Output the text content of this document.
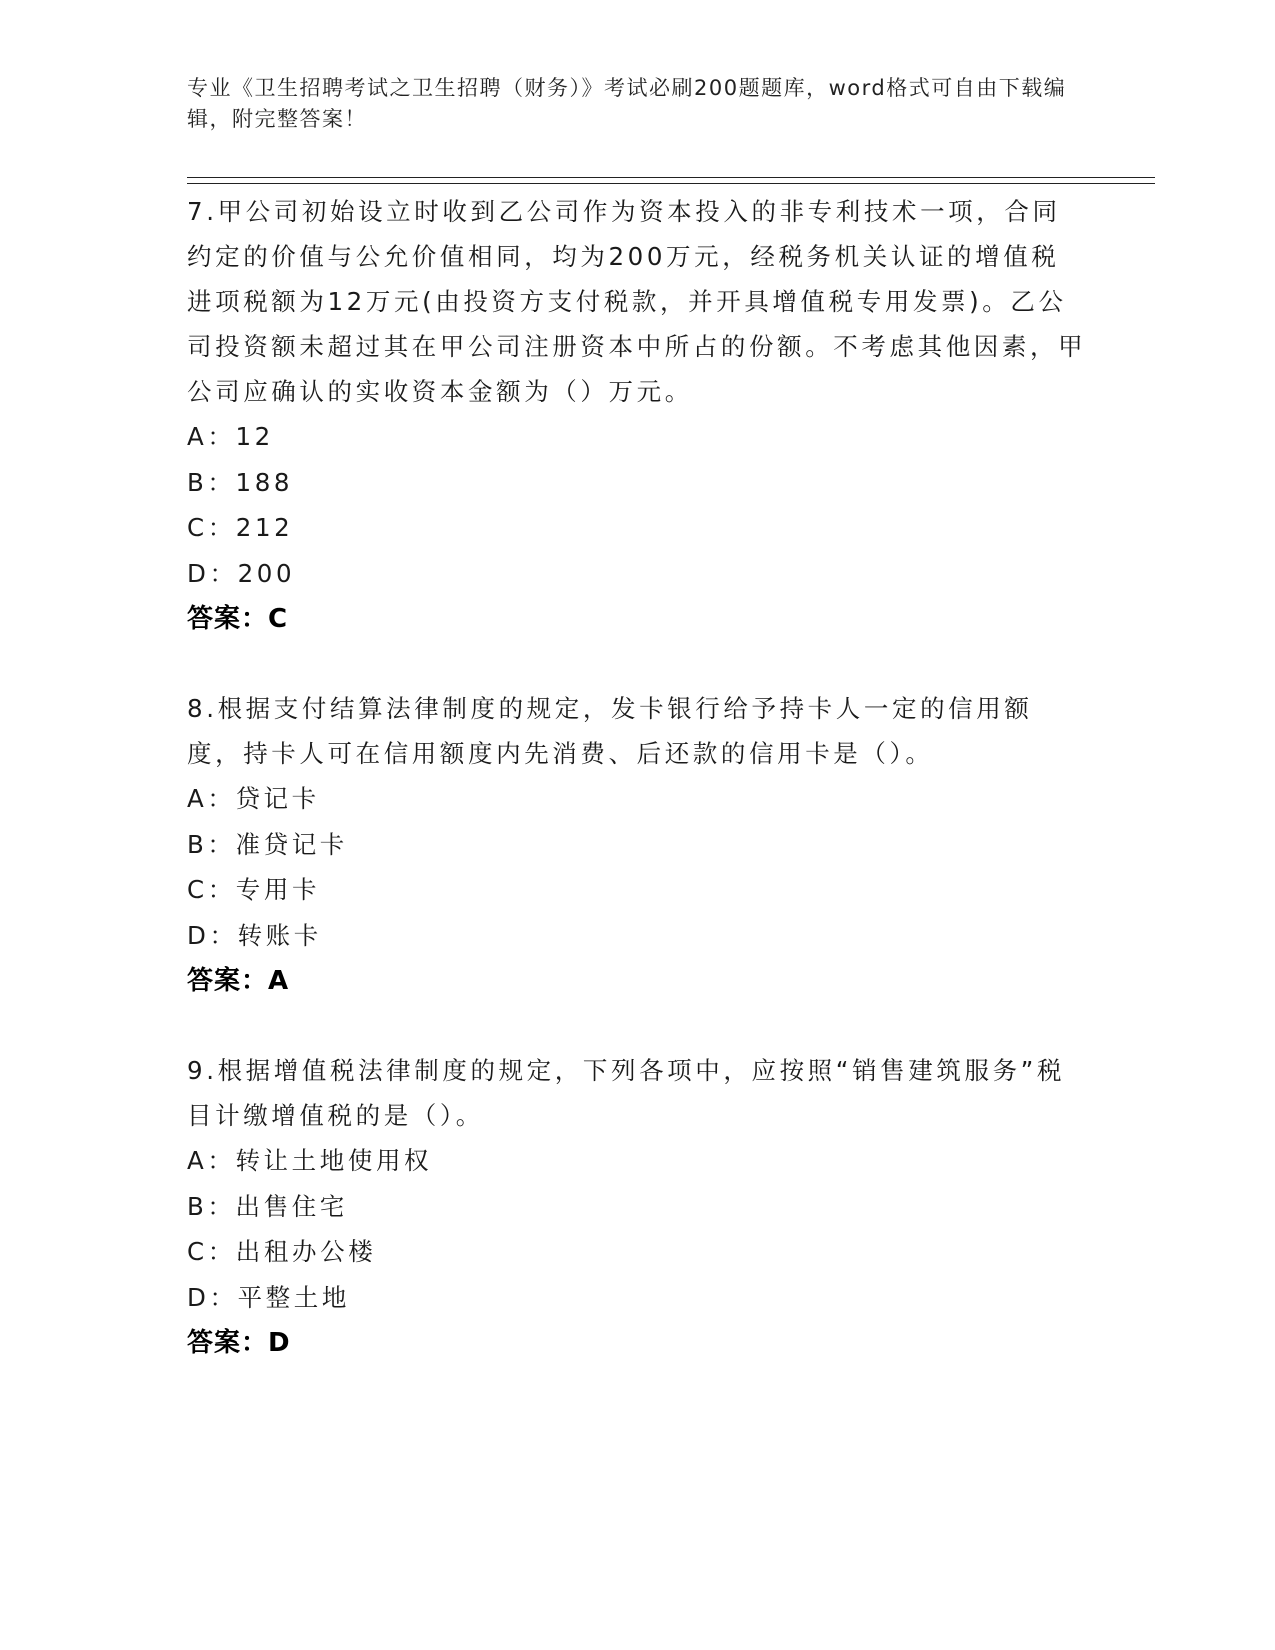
专业《卫生招聘考试之卫生招聘（财务）》考试必刷200题题库，word格式可自由下载编辑，附完整答案！
7.甲公司初始设立时收到乙公司作为资本投入的非专利技术一项，合同约定的价值与公允价值相同，均为200万元，经税务机关认证的增值税进项税额为12万元(由投资方支付税款，并开具增值税专用发票)。乙公司投资额未超过其在甲公司注册资本中所占的份额。不考虑其他因素，甲公司应确认的实收资本金额为（）万元。
A：12
B：188
C：212
D：200
答案：C
8.根据支付结算法律制度的规定，发卡银行给予持卡人一定的信用额度，持卡人可在信用额度内先消费、后还款的信用卡是（）。
A：贷记卡
B：准贷记卡
C：专用卡
D：转账卡
答案：A
9.根据增值税法律制度的规定，下列各项中，应按照“销售建筑服务”税目计缴增值税的是（）。
A：转让土地使用权
B：出售住宅
C：出租办公楼
D：平整土地
答案：D
